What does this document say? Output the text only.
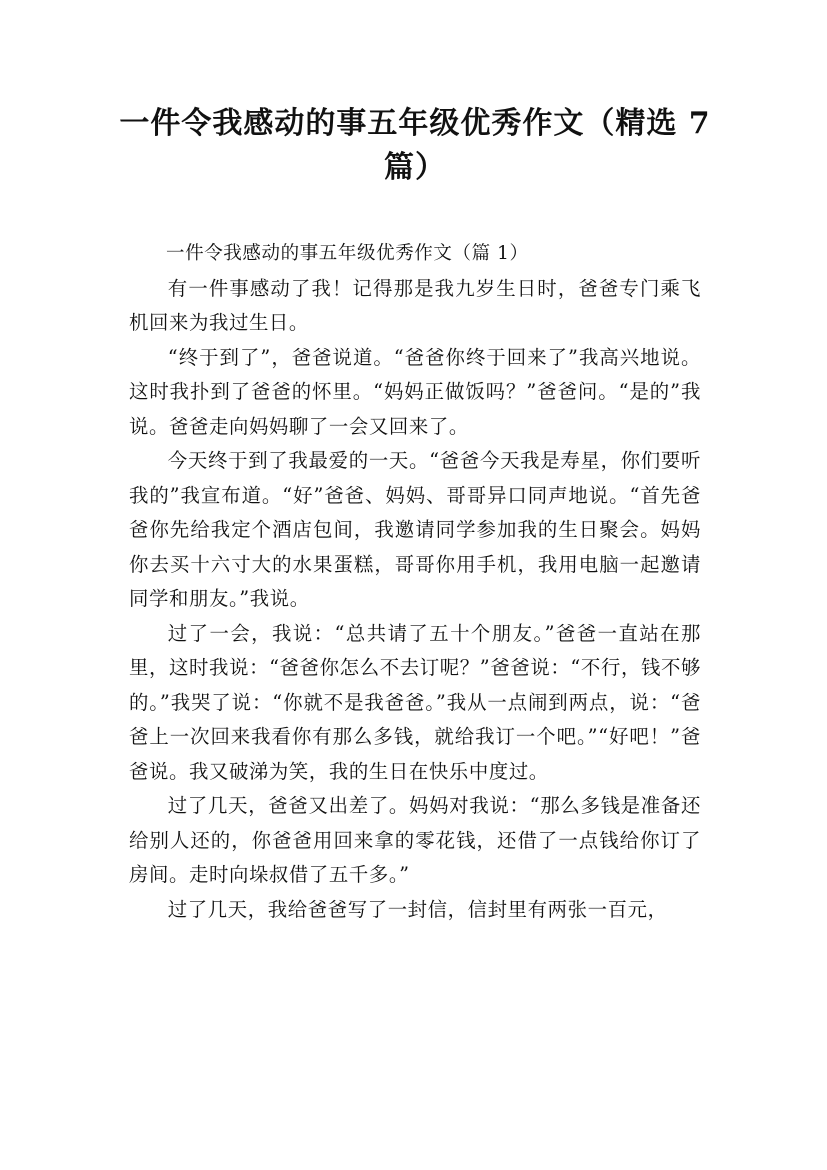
一件令我感动的事五年级优秀作文（精选 7 篇）

一件令我感动的事五年级优秀作文（篇 1）

有一件事感动了我！记得那是我九岁生日时，爸爸专门乘飞机回来为我过生日。

“终于到了”，爸爸说道。“爸爸你终于回来了”我高兴地说。这时我扑到了爸爸的怀里。“妈妈正做饭吗？”爸爸问。“是的”我说。爸爸走向妈妈聊了一会又回来了。

今天终于到了我最爱的一天。“爸爸今天我是寿星，你们要听我的”我宣布道。“好”爸爸、妈妈、哥哥异口同声地说。“首先爸爸你先给我定个酒店包间，我邀请同学参加我的生日聚会。妈妈你去买十六寸大的水果蛋糕，哥哥你用手机，我用电脑一起邀请同学和朋友。”我说。

过了一会，我说：“总共请了五十个朋友。”爸爸一直站在那里，这时我说：“爸爸你怎么不去订呢？”爸爸说：“不行，钱不够的。”我哭了说：“你就不是我爸爸。”我从一点闹到两点，说：“爸爸上一次回来我看你有那么多钱，就给我订一个吧。”“好吧！”爸爸说。我又破涕为笑，我的生日在快乐中度过。

过了几天，爸爸又出差了。妈妈对我说：“那么多钱是准备还给别人还的，你爸爸用回来拿的零花钱，还借了一点钱给你订了房间。走时向垛叔借了五千多。”

过了几天，我给爸爸写了一封信，信封里有两张一百元，
